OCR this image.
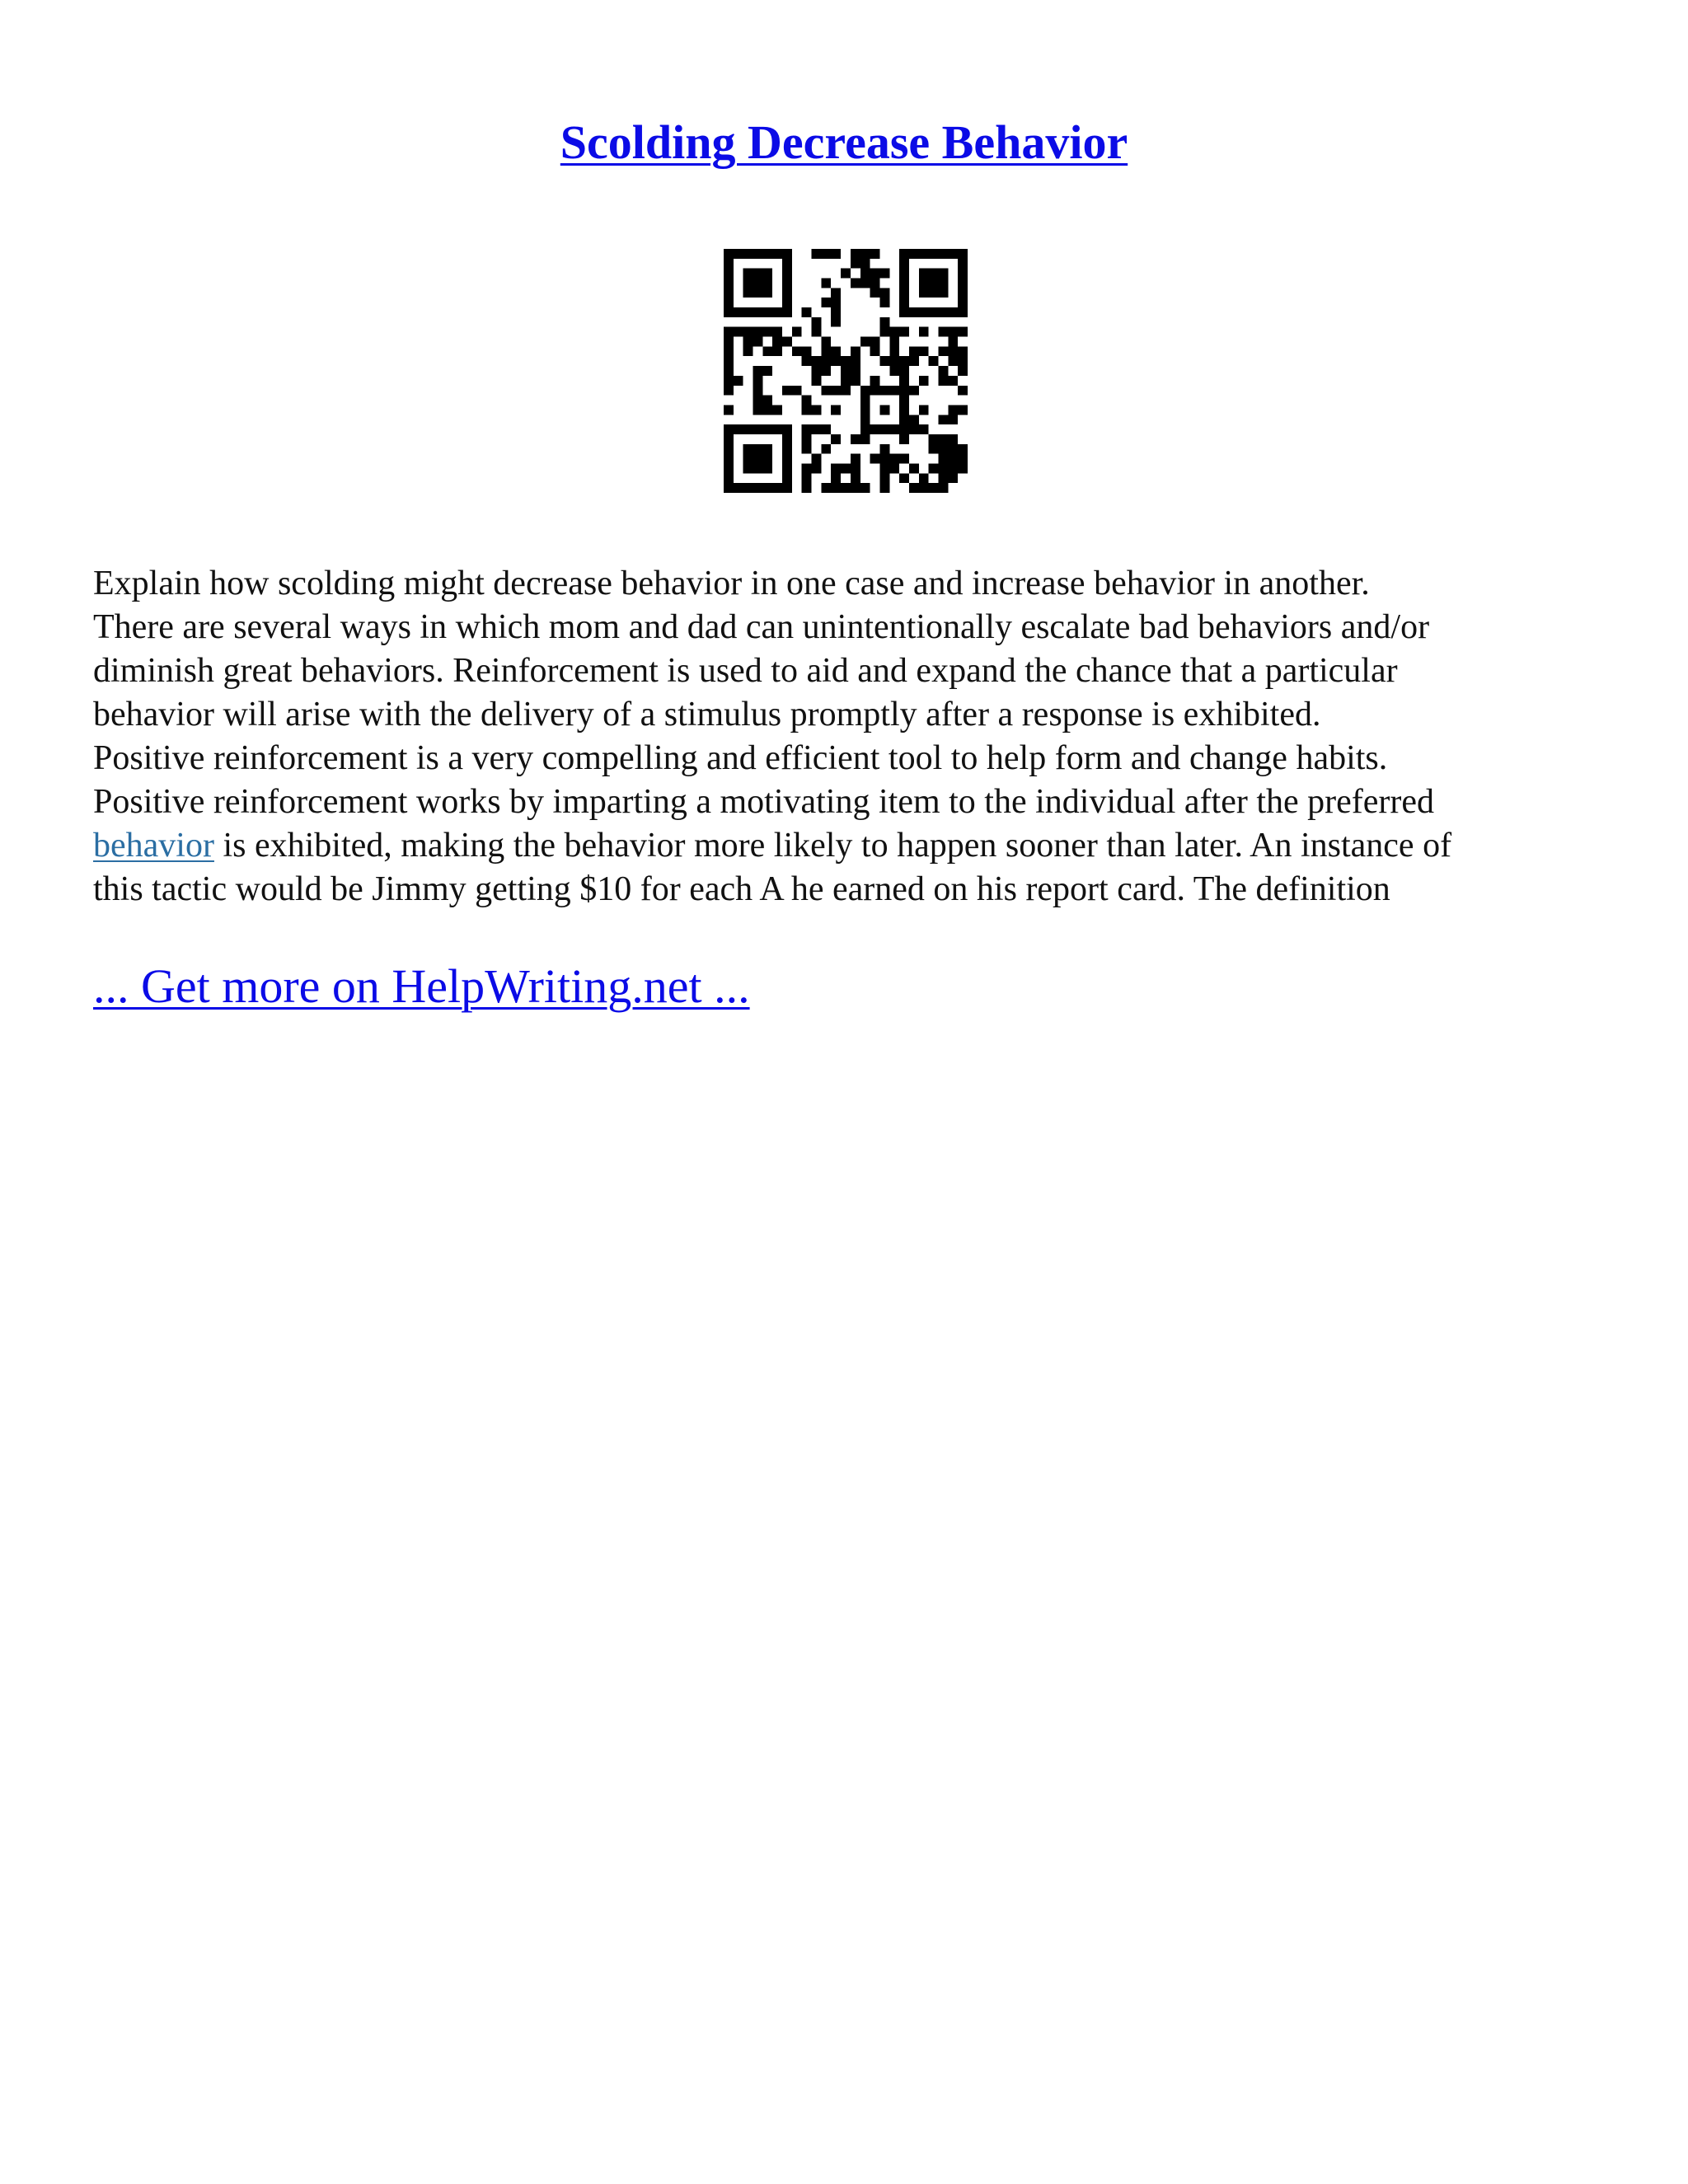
Scolding Decrease Behavior

Explain how scolding might decrease behavior in one case and increase behavior in another.
There are several ways in which mom and dad can unintentionally escalate bad behaviors and/or
diminish great behaviors. Reinforcement is used to aid and expand the chance that a particular
behavior will arise with the delivery of a stimulus promptly after a response is exhibited.
Positive reinforcement is a very compelling and efficient tool to help form and change habits.
Positive reinforcement works by imparting a motivating item to the individual after the preferred
behavior is exhibited, making the behavior more likely to happen sooner than later. An instance of
this tactic would be Jimmy getting $10 for each A he earned on his report card. The definition

... Get more on HelpWriting.net ...
